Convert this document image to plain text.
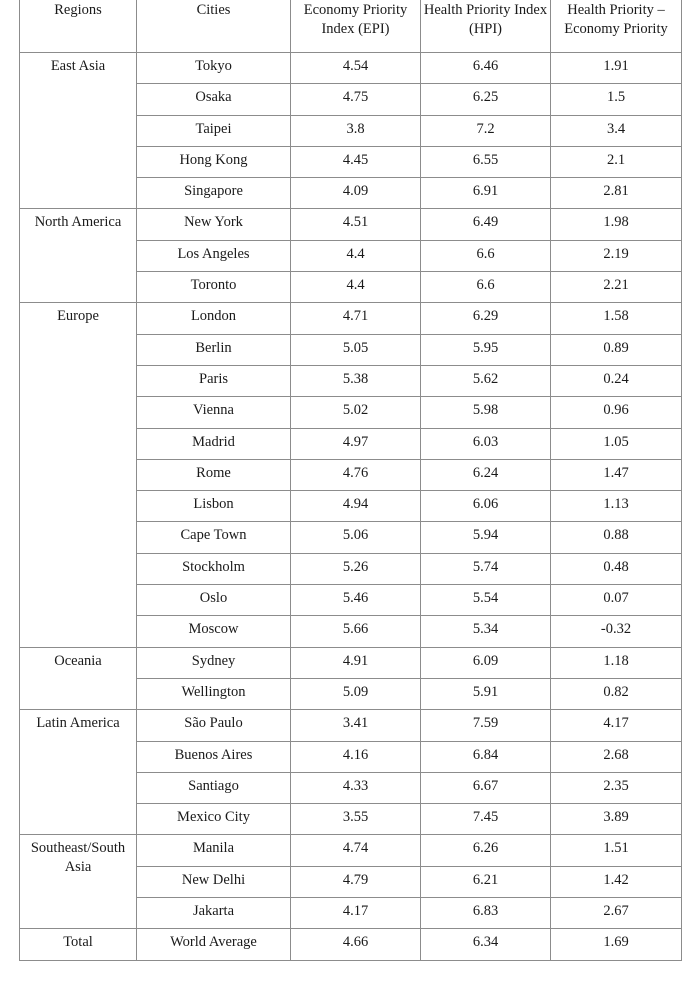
Regions	Cities	Economy Priority Index (EPI)	Health Priority Index (HPI)	Health Priority – Economy Priority
East Asia	Tokyo	4.54	6.46	1.91
	Osaka	4.75	6.25	1.5
	Taipei	3.8	7.2	3.4
	Hong Kong	4.45	6.55	2.1
	Singapore	4.09	6.91	2.81
North America	New York	4.51	6.49	1.98
	Los Angeles	4.4	6.6	2.19
	Toronto	4.4	6.6	2.21
Europe	London	4.71	6.29	1.58
	Berlin	5.05	5.95	0.89
	Paris	5.38	5.62	0.24
	Vienna	5.02	5.98	0.96
	Madrid	4.97	6.03	1.05
	Rome	4.76	6.24	1.47
	Lisbon	4.94	6.06	1.13
	Cape Town	5.06	5.94	0.88
	Stockholm	5.26	5.74	0.48
	Oslo	5.46	5.54	0.07
	Moscow	5.66	5.34	-0.32
Oceania	Sydney	4.91	6.09	1.18
	Wellington	5.09	5.91	0.82
Latin America	São Paulo	3.41	7.59	4.17
	Buenos Aires	4.16	6.84	2.68
	Santiago	4.33	6.67	2.35
	Mexico City	3.55	7.45	3.89
Southeast/South Asia	Manila	4.74	6.26	1.51
	New Delhi	4.79	6.21	1.42
	Jakarta	4.17	6.83	2.67
Total	World Average	4.66	6.34	1.69
